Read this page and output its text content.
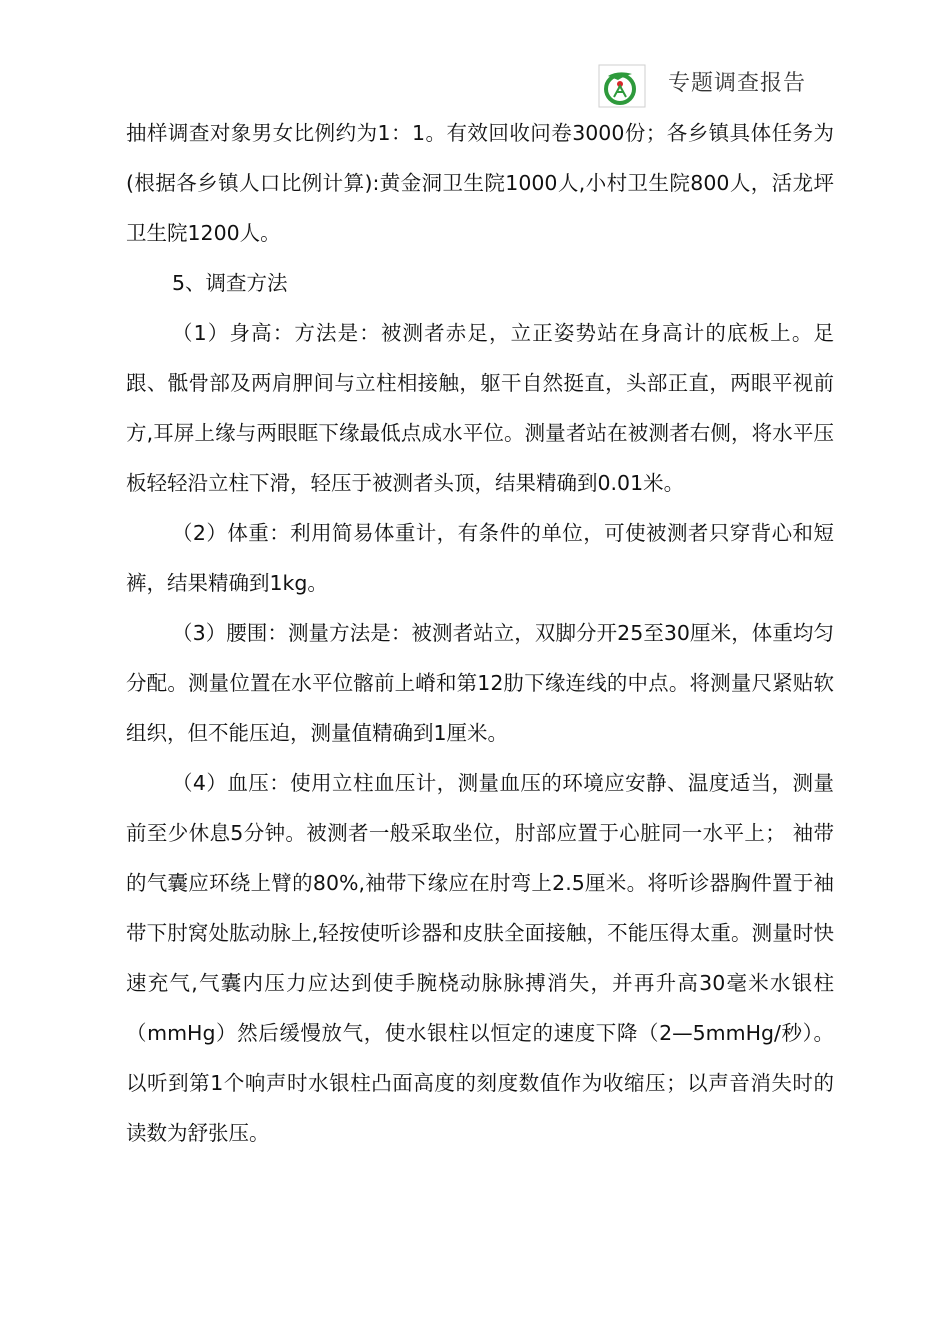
专题调查报告

抽样调查对象男女比例约为1：1。有效回收问卷3000份；各乡镇具体任务为(根据各乡镇人口比例计算):黄金洞卫生院1000人,小村卫生院800人，活龙坪卫生院1200人。

5、调查方法

（1）身高：方法是：被测者赤足，立正姿势站在身高计的底板上。足跟、骶骨部及两肩胛间与立柱相接触，躯干自然挺直，头部正直，两眼平视前方,耳屏上缘与两眼眶下缘最低点成水平位。测量者站在被测者右侧，将水平压板轻轻沿立柱下滑，轻压于被测者头顶，结果精确到0.01米。

（2）体重：利用简易体重计，有条件的单位，可使被测者只穿背心和短裤，结果精确到1kg。

（3）腰围：测量方法是：被测者站立，双脚分开25至30厘米，体重均匀分配。测量位置在水平位髂前上嵴和第12肋下缘连线的中点。将测量尺紧贴软组织，但不能压迫，测量值精确到1厘米。

（4）血压：使用立柱血压计，测量血压的环境应安静、温度适当，测量前至少休息5分钟。被测者一般采取坐位，肘部应置于心脏同一水平上； 袖带的气囊应环绕上臂的80%,袖带下缘应在肘弯上2.5厘米。将听诊器胸件置于袖带下肘窝处肱动脉上,轻按使听诊器和皮肤全面接触，不能压得太重。测量时快速充气,气囊内压力应达到使手腕桡动脉脉搏消失，并再升高30毫米水银柱（mmHg）然后缓慢放气，使水银柱以恒定的速度下降（2—5mmHg/秒）。以听到第1个响声时水银柱凸面高度的刻度数值作为收缩压；以声音消失时的读数为舒张压。
